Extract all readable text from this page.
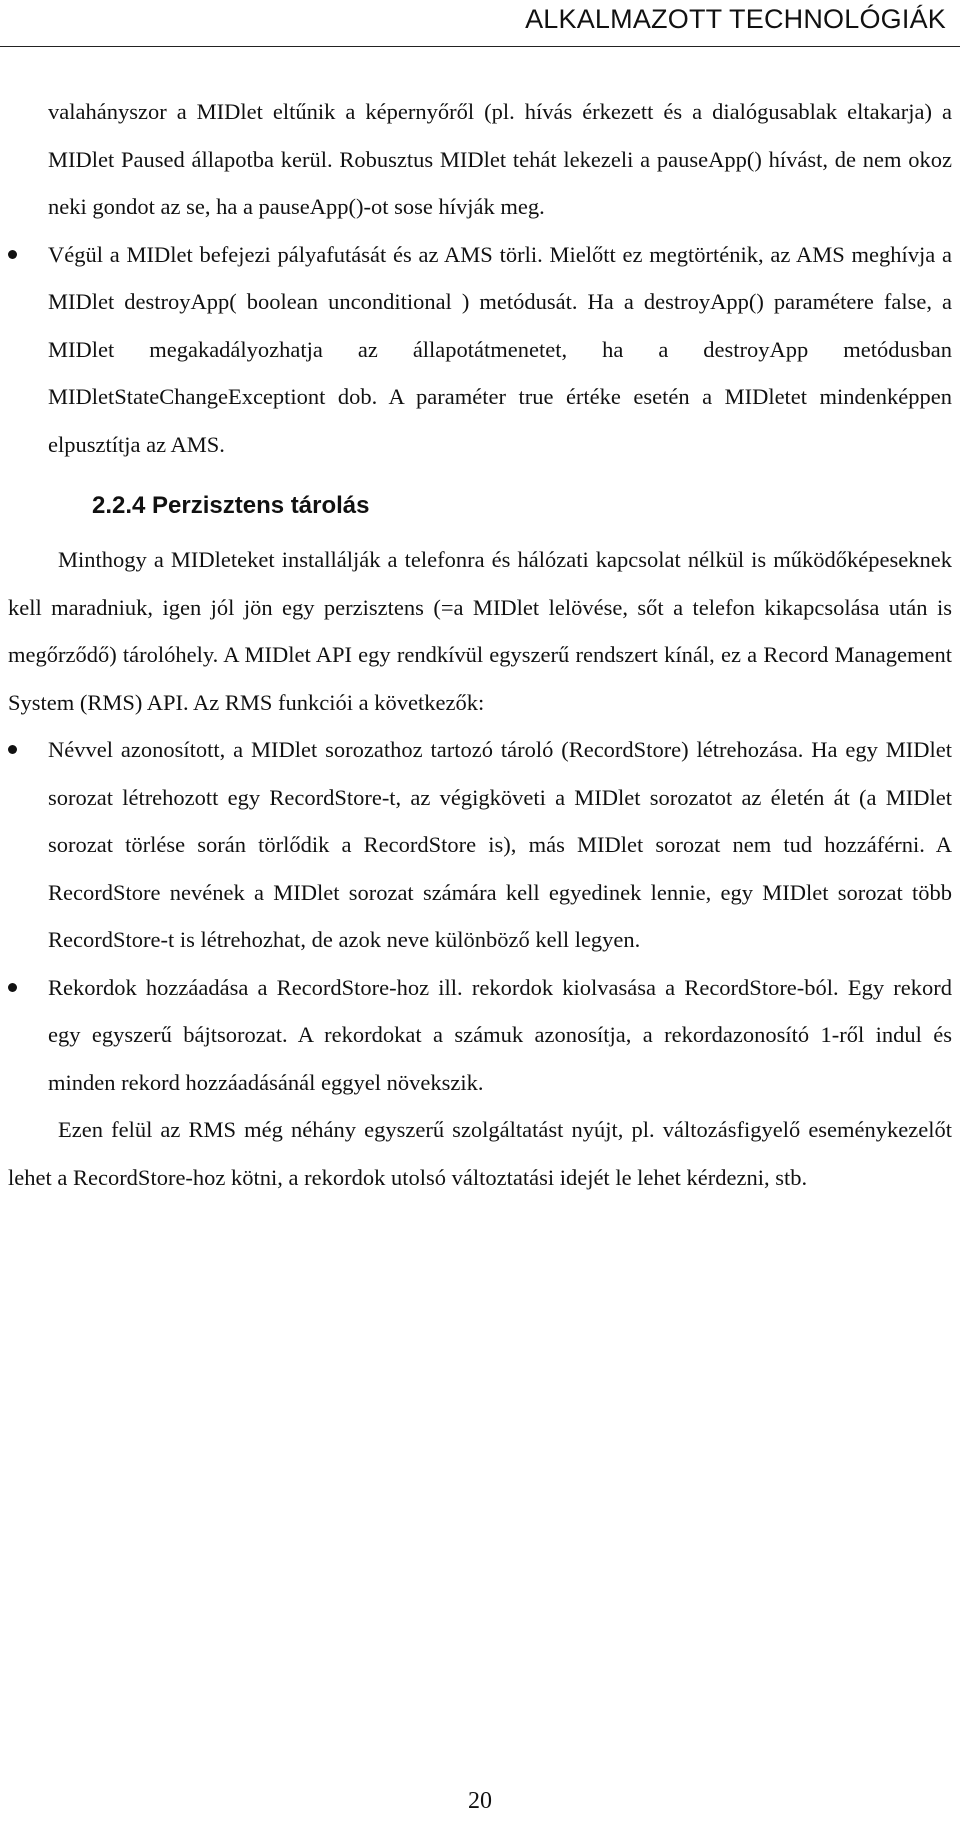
ALKALMAZOTT TECHNOLÓGIÁK

valahányszor a MIDlet eltűnik a képernyőről (pl. hívás érkezett és a dialógusablak eltakarja) a MIDlet Paused állapotba kerül. Robusztus MIDlet tehát lekezeli a pauseApp() hívást, de nem okoz neki gondot az se, ha a pauseApp()-ot sose hívják meg.

Végül a MIDlet befejezi pályafutását és az AMS törli. Mielőtt ez megtörténik, az AMS meghívja a MIDlet destroyApp( boolean unconditional ) metódusát. Ha a destroyApp() paramétere false, a MIDlet megakadályozhatja az állapotátmenetet, ha a destroyApp metódusban MIDletStateChangeExceptiont dob. A paraméter true értéke esetén a MIDletet mindenképpen elpusztítja az AMS.

2.2.4 Perzisztens tárolás

Minthogy a MIDleteket installálják a telefonra és hálózati kapcsolat nélkül is működőképeseknek kell maradniuk, igen jól jön egy perzisztens (=a MIDlet lelövése, sőt a telefon kikapcsolása után is megőrződő) tárolóhely. A MIDlet API egy rendkívül egyszerű rendszert kínál, ez a Record Management System (RMS) API. Az RMS funkciói a következők:

Névvel azonosított, a MIDlet sorozathoz tartozó tároló (RecordStore) létrehozása. Ha egy MIDlet sorozat létrehozott egy RecordStore-t, az végigköveti a MIDlet sorozatot az életén át (a MIDlet sorozat törlése során törlődik a RecordStore is), más MIDlet sorozat nem tud hozzáférni. A RecordStore nevének a MIDlet sorozat számára kell egyedinek lennie, egy MIDlet sorozat több RecordStore-t is létrehozhat, de azok neve különböző kell legyen.

Rekordok hozzáadása a RecordStore-hoz ill. rekordok kiolvasása a RecordStore-ból. Egy rekord egy egyszerű bájtsorozat. A rekordokat a számuk azonosítja, a rekordazonosító 1-ről indul és minden rekord hozzáadásánál eggyel növekszik.

Ezen felül az RMS még néhány egyszerű szolgáltatást nyújt, pl. változásfigyelő eseménykezelőt lehet a RecordStore-hoz kötni, a rekordok utolsó változtatási idejét le lehet kérdezni, stb.

20
